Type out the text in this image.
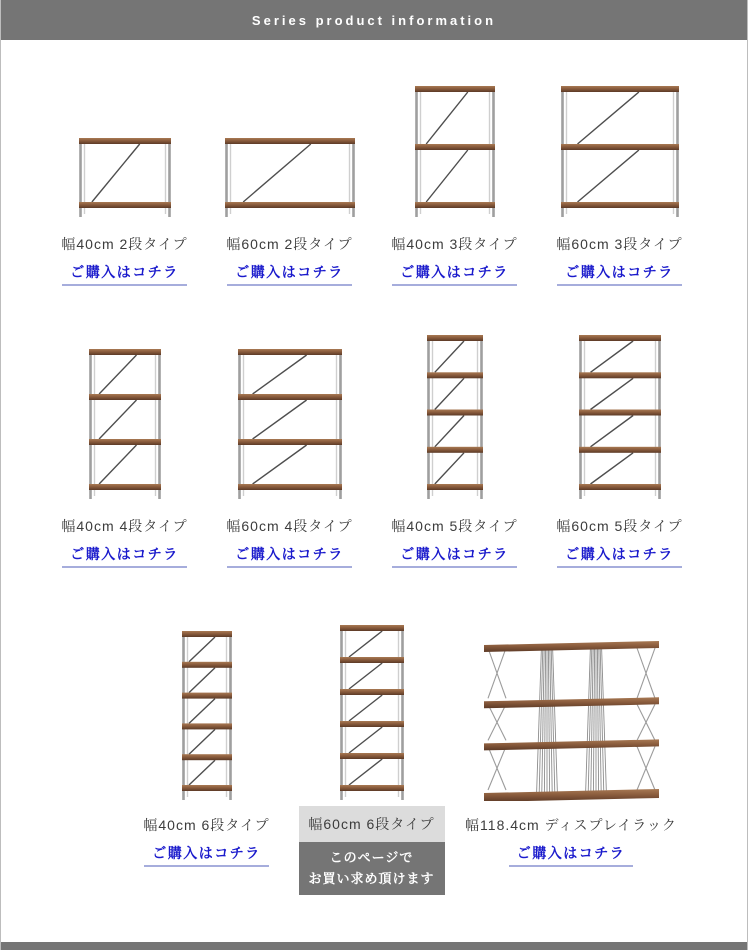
Series product information
幅40cm 2段タイプ
ご購入はコチラ
幅60cm 2段タイプ
ご購入はコチラ
幅40cm 3段タイプ
ご購入はコチラ
幅60cm 3段タイプ
ご購入はコチラ
幅40cm 4段タイプ
ご購入はコチラ
幅60cm 4段タイプ
ご購入はコチラ
幅40cm 5段タイプ
ご購入はコチラ
幅60cm 5段タイプ
ご購入はコチラ
幅40cm 6段タイプ
ご購入はコチラ
幅60cm 6段タイプ
このページで
お買い求め頂けます
幅118.4cm ディスプレイラック
ご購入はコチラ
